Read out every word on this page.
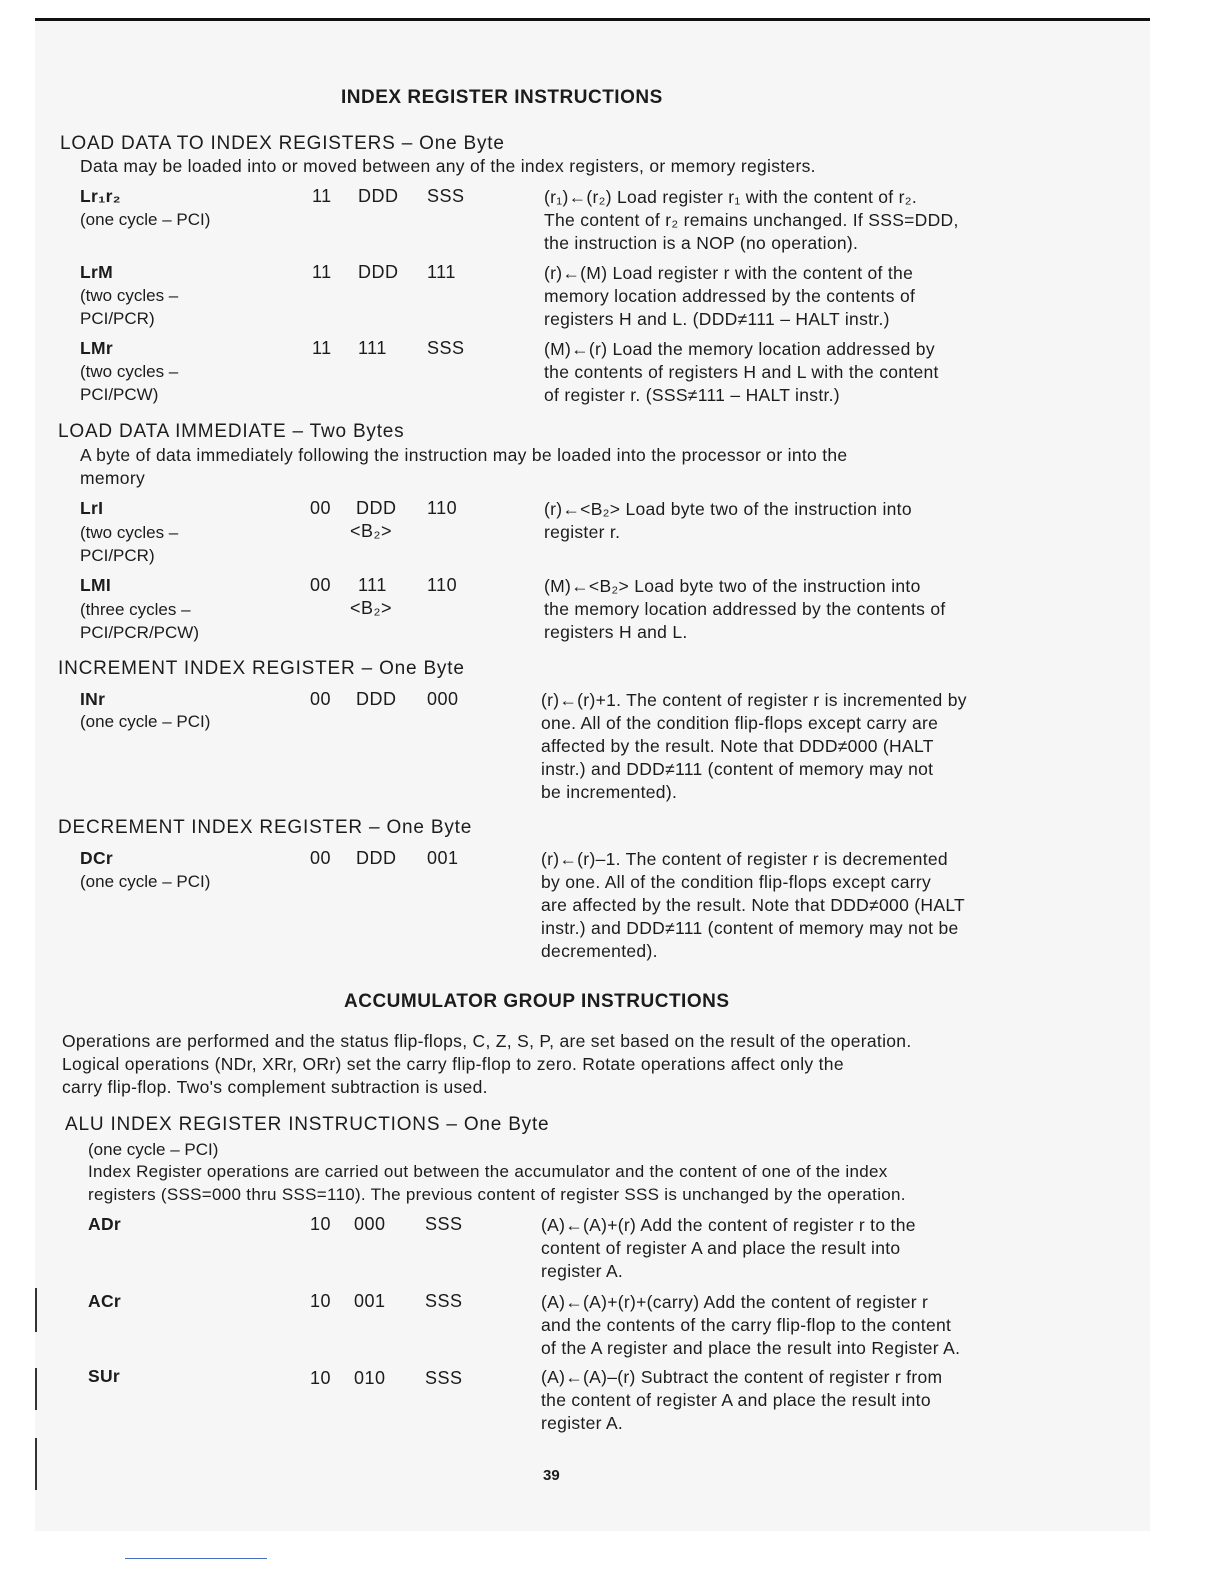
INDEX REGISTER INSTRUCTIONS
LOAD DATA TO INDEX REGISTERS – One Byte
Data may be loaded into or moved between any of the index registers, or memory registers.
Lr₁r₂
(one cycle – PCI)
11 DDD SSS	(r₁)←(r₂) Load register r₁ with the content of r₂.
The content of r₂ remains unchanged. If SSS=DDD,
the instruction is a NOP (no operation).
LrM
(two cycles –
PCI/PCR)
11 DDD 111	(r)←(M) Load register r with the content of the
memory location addressed by the contents of
registers H and L. (DDD≠111 – HALT instr.)
LMr
(two cycles –
PCI/PCW)
11 111 SSS	(M)←(r) Load the memory location addressed by
the contents of registers H and L with the content
of register r. (SSS≠111 – HALT instr.)
LOAD DATA IMMEDIATE – Two Bytes
A byte of data immediately following the instruction may be loaded into the processor or into the
memory
LrI
(two cycles –
PCI/PCR)
00 DDD 110
<B₂>
(r)←<B₂> Load byte two of the instruction into
register r.
LMI
(three cycles –
PCI/PCR/PCW)
00 111 110
<B₂>
(M)←<B₂> Load byte two of the instruction into
the memory location addressed by the contents of
registers H and L.
INCREMENT INDEX REGISTER – One Byte
INr
(one cycle – PCI)
00 DDD 000	(r)←(r)+1. The content of register r is incremented by
one. All of the condition flip-flops except carry are
affected by the result. Note that DDD≠000 (HALT
instr.) and DDD≠111 (content of memory may not
be incremented).
DECREMENT INDEX REGISTER – One Byte
DCr
(one cycle – PCI)
00 DDD 001	(r)←(r)–1. The content of register r is decremented
by one. All of the condition flip-flops except carry
are affected by the result. Note that DDD≠000 (HALT
instr.) and DDD≠111 (content of memory may not be
decremented).
ACCUMULATOR GROUP INSTRUCTIONS
Operations are performed and the status flip-flops, C, Z, S, P, are set based on the result of the operation.
Logical operations (NDr, XRr, ORr) set the carry flip-flop to zero. Rotate operations affect only the
carry flip-flop. Two's complement subtraction is used.
ALU INDEX REGISTER INSTRUCTIONS – One Byte
(one cycle – PCI)
Index Register operations are carried out between the accumulator and the content of one of the index
registers (SSS=000 thru SSS=110). The previous content of register SSS is unchanged by the operation.
ADr	10 000 SSS	(A)←(A)+(r) Add the content of register r to the
content of register A and place the result into
register A.
ACr	10 001 SSS	(A)←(A)+(r)+(carry) Add the content of register r
and the contents of the carry flip-flop to the content
of the A register and place the result into Register A.
SUr	10 010 SSS	(A)←(A)–(r) Subtract the content of register r from
the content of register A and place the result into
register A.
39
